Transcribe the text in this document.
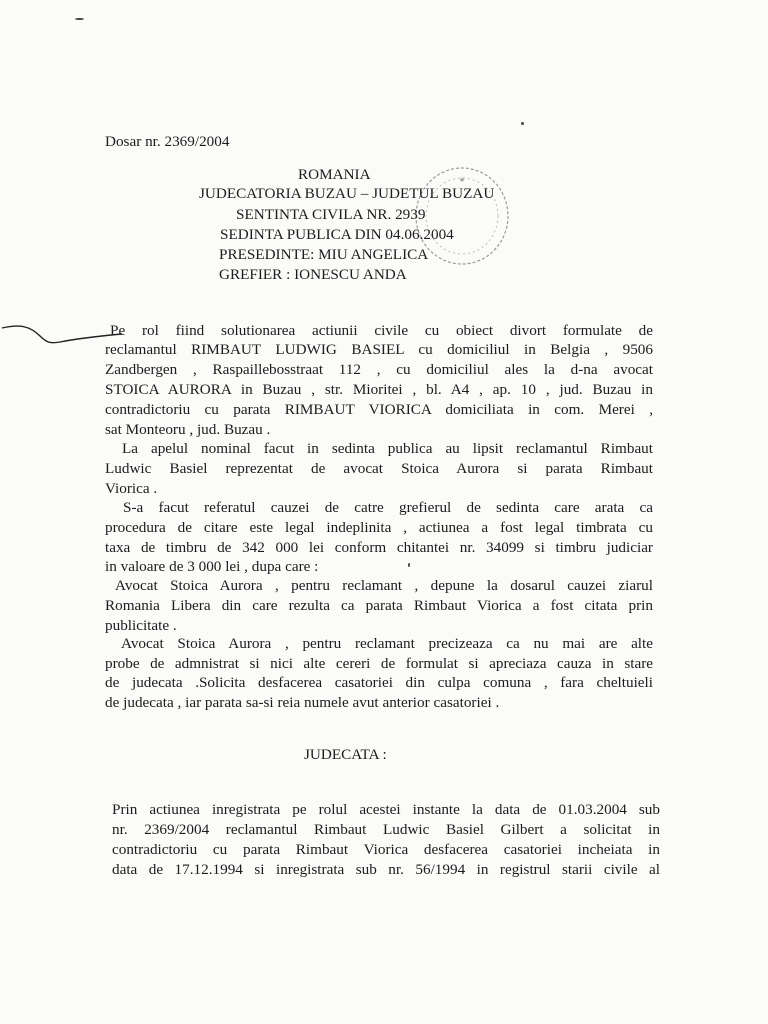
★
Dosar nr. 2369/2004
ROMANIA
JUDECATORIA BUZAU – JUDETUL BUZAU
SENTINTA CIVILA NR. 2939
SEDINTA PUBLICA DIN 04.06.2004
PRESEDINTE: MIU ANGELICA
GREFIER : IONESCU ANDA
Pe rol fiind solutionarea actiunii civile cu obiect divort formulate de
reclamantul RIMBAUT LUDWIG BASIEL cu domiciliul in Belgia , 9506
Zandbergen , Raspaillebosstraat 112 , cu domiciliul ales la d-na avocat
STOICA AURORA in Buzau , str. Mioritei , bl. A4 , ap. 10 , jud. Buzau in
contradictoriu cu parata RIMBAUT VIORICA domiciliata in com. Merei ,
sat Monteoru , jud. Buzau .
La apelul nominal facut in sedinta publica au lipsit reclamantul Rimbaut
Ludwic Basiel reprezentat de avocat Stoica Aurora si parata Rimbaut
Viorica .
S-a facut referatul cauzei de catre grefierul de sedinta care arata ca
procedura de citare este legal indeplinita , actiunea a fost legal timbrata cu
taxa de timbru de 342 000 lei conform chitantei nr. 34099 si timbru judiciar
in valoare de 3 000 lei , dupa care :
Avocat Stoica Aurora , pentru reclamant , depune la dosarul cauzei ziarul
Romania Libera din care rezulta ca parata Rimbaut Viorica a fost citata prin
publicitate .
Avocat Stoica Aurora , pentru reclamant precizeaza ca nu mai are alte
probe de admnistrat si nici alte cereri de formulat si apreciaza cauza in stare
de judecata .Solicita desfacerea casatoriei din culpa comuna , fara cheltuieli
de judecata , iar parata sa-si reia numele avut anterior casatoriei .
JUDECATA :
Prin actiunea inregistrata pe rolul acestei instante la data de 01.03.2004 sub
nr. 2369/2004 reclamantul Rimbaut Ludwic Basiel Gilbert a solicitat in
contradictoriu cu parata Rimbaut Viorica desfacerea casatoriei incheiata in
data de 17.12.1994 si inregistrata sub nr. 56/1994 in registrul starii civile al
